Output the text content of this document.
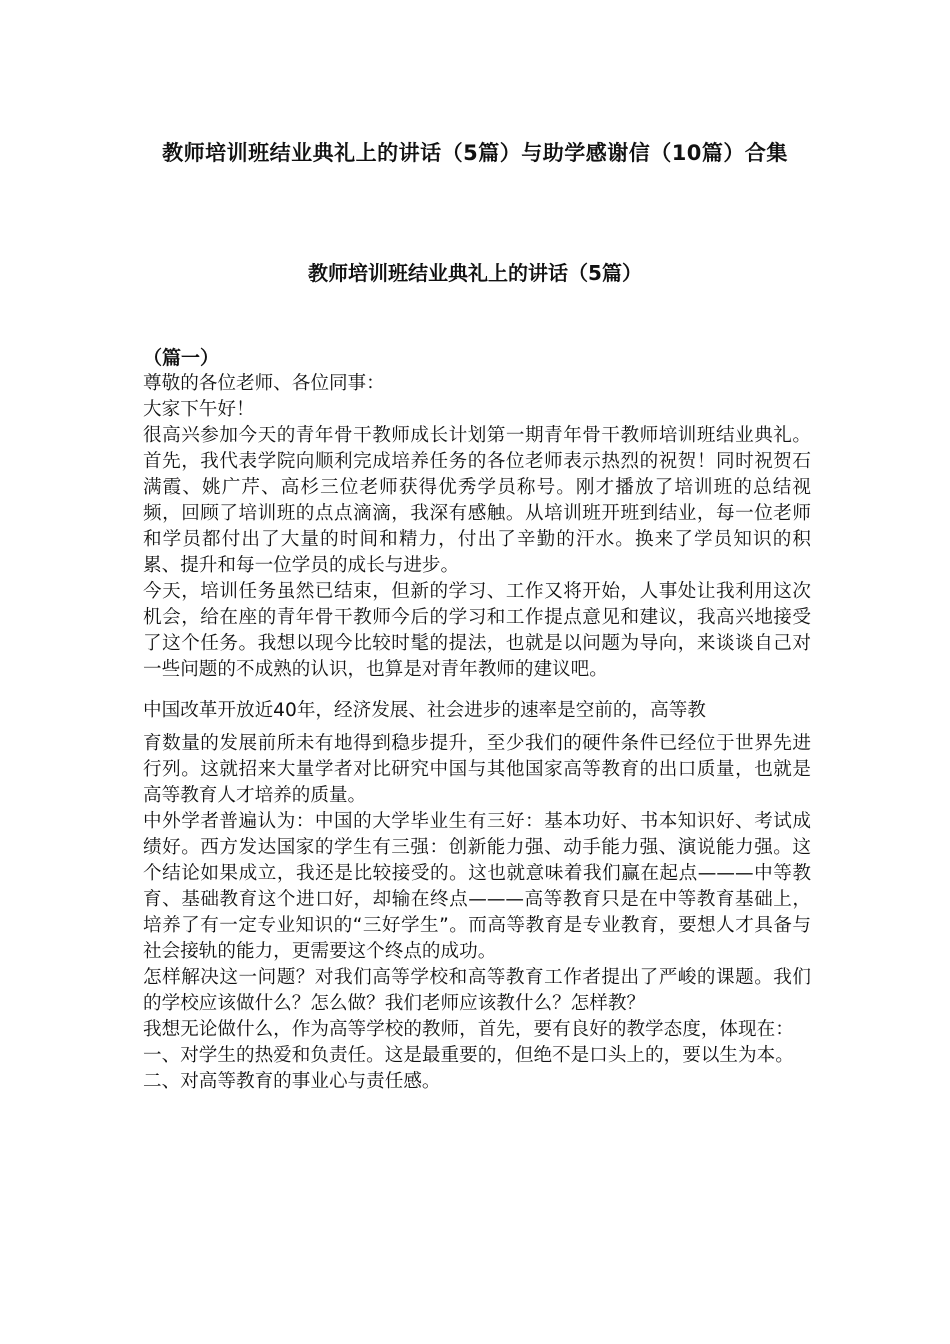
教师培训班结业典礼上的讲话（5篇）与助学感谢信（10篇）合集
教师培训班结业典礼上的讲话（5篇）

（篇一）

尊敬的各位老师、各位同事：

大家下午好！

很高兴参加今天的青年骨干教师成长计划第一期青年骨干教师培训班结业典礼。首先，我代表学院向顺利完成培养任务的各位老师表示热烈的祝贺！同时祝贺石满霞、姚广芹、高杉三位老师获得优秀学员称号。刚才播放了培训班的总结视频，回顾了培训班的点点滴滴，我深有感触。从培训班开班到结业，每一位老师和学员都付出了大量的时间和精力，付出了辛勤的汗水。换来了学员知识的积累、提升和每一位学员的成长与进步。

今天，培训任务虽然已结束，但新的学习、工作又将开始，人事处让我利用这次机会，给在座的青年骨干教师今后的学习和工作提点意见和建议，我高兴地接受了这个任务。我想以现今比较时髦的提法，也就是以问题为导向，来谈谈自己对一些问题的不成熟的认识，也算是对青年教师的建议吧。

中国改革开放近40年，经济发展、社会进步的速率是空前的，高等教

育数量的发展前所未有地得到稳步提升，至少我们的硬件条件已经位于世界先进行列。这就招来大量学者对比研究中国与其他国家高等教育的出口质量，也就是高等教育人才培养的质量。

中外学者普遍认为：中国的大学毕业生有三好：基本功好、书本知识好、考试成绩好。西方发达国家的学生有三强：创新能力强、动手能力强、演说能力强。这个结论如果成立，我还是比较接受的。这也就意味着我们赢在起点———中等教育、基础教育这个进口好，却输在终点———高等教育只是在中等教育基础上，培养了有一定专业知识的“三好学生”。而高等教育是专业教育，要想人才具备与社会接轨的能力，更需要这个终点的成功。

怎样解决这一问题？对我们高等学校和高等教育工作者提出了严峻的课题。我们的学校应该做什么？怎么做？我们老师应该教什么？怎样教？

我想无论做什么，作为高等学校的教师，首先，要有良好的教学态度，体现在：

一、对学生的热爱和负责任。这是最重要的，但绝不是口头上的，要以生为本。

二、对高等教育的事业心与责任感。
